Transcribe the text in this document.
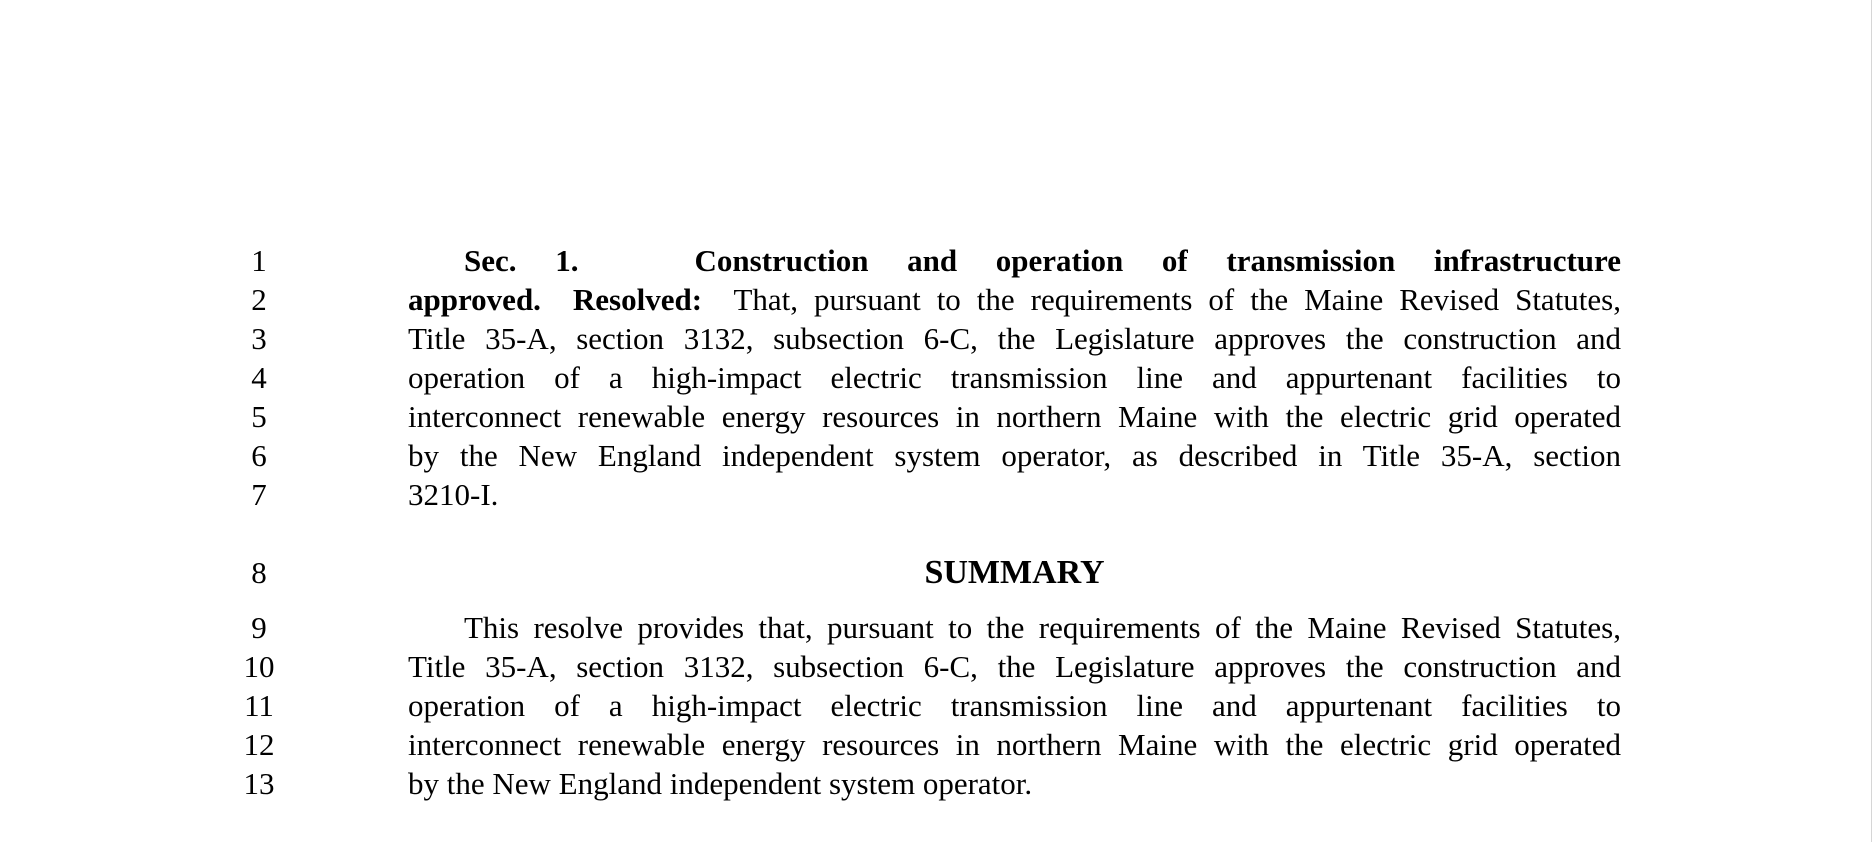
1	Sec. 1.	Construction and operation of transmission infrastructure
2	approved. Resolved: That, pursuant to the requirements of the Maine Revised Statutes,
3	Title 35-A, section 3132, subsection 6-C, the Legislature approves the construction and
4	operation of a high-impact electric transmission line and appurtenant facilities to
5	interconnect renewable energy resources in northern Maine with the electric grid operated
6	by the New England independent system operator, as described in Title 35-A, section
7	3210-I.
8	SUMMARY
9	This resolve provides that, pursuant to the requirements of the Maine Revised Statutes,
10	Title 35-A, section 3132, subsection 6-C, the Legislature approves the construction and
11	operation of a high-impact electric transmission line and appurtenant facilities to
12	interconnect renewable energy resources in northern Maine with the electric grid operated
13	by the New England independent system operator.
